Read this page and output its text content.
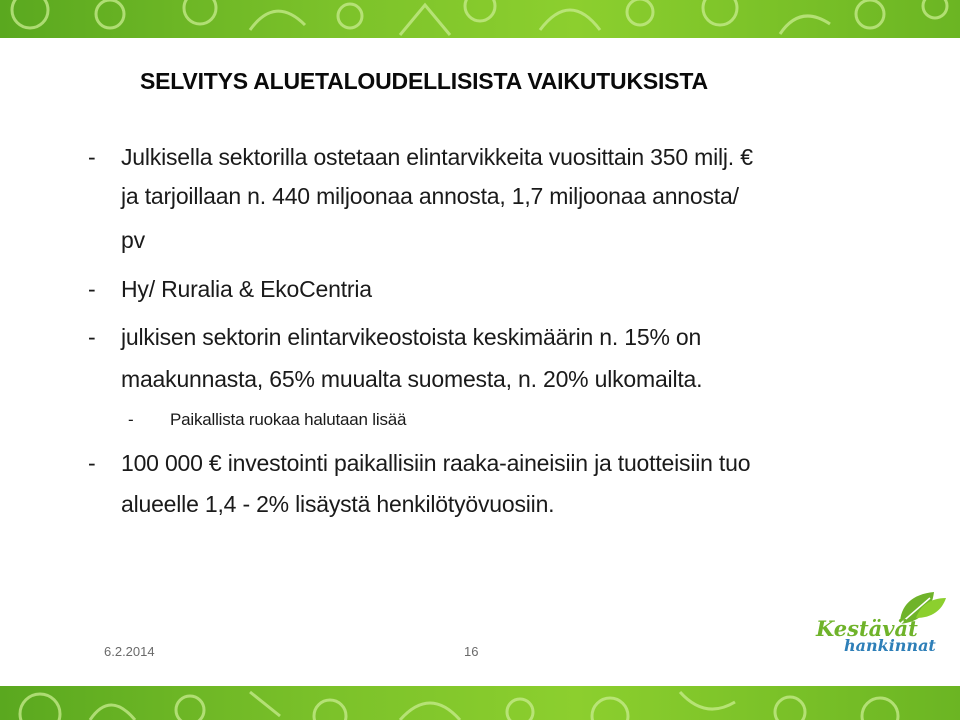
SELVITYS ALUETALOUDELLISISTA VAIKUTUKSISTA
- Julkisella sektorilla ostetaan elintarvikkeita vuosittain 350 milj. €
ja tarjoillaan n. 440 miljoonaa annosta, 1,7 miljoonaa annosta/
pv
- Hy/ Ruralia & EkoCentria
- julkisen sektorin elintarvikeostoista keskimäärin n. 15% on
maakunnasta, 65% muualta suomesta, n. 20% ulkomailta.
- Paikallista ruokaa halutaan lisää
- 100 000 € investointi paikallisiin raaka-aineisiin ja tuotteisiin tuo
alueelle 1,4 - 2% lisäystä henkilötyövuosiin.
6.2.2014	16
Kestävät
hankinnat
